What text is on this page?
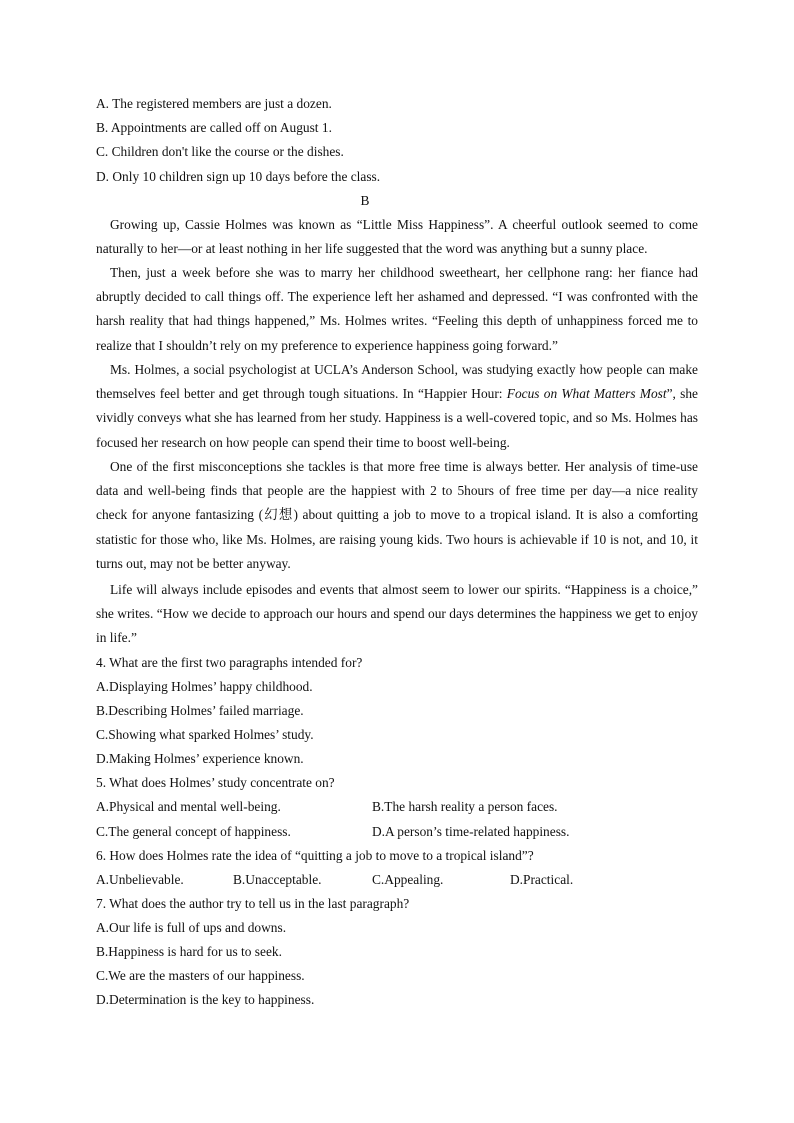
A. The registered members are just a dozen.
B. Appointments are called off on August 1.
C. Children don't like the course or the dishes.
D. Only 10 children sign up 10 days before the class.
B

Growing up, Cassie Holmes was known as “Little Miss Happiness”. A cheerful outlook seemed to come naturally to her—or at least nothing in her life suggested that the word was anything but a sunny place.

Then, just a week before she was to marry her childhood sweetheart, her cellphone rang: her fiance had abruptly decided to call things off. The experience left her ashamed and depressed. “I was confronted with the harsh reality that had things happened,” Ms. Holmes writes. “Feeling this depth of unhappiness forced me to realize that I shouldn’t rely on my preference to experience happiness going forward.”

Ms. Holmes, a social psychologist at UCLA’s Anderson School, was studying exactly how people can make themselves feel better and get through tough situations. In “Happier Hour: Focus on What Matters Most”, she vividly conveys what she has learned from her study. Happiness is a well-covered topic, and so Ms. Holmes has focused her research on how people can spend their time to boost well-being.

One of the first misconceptions she tackles is that more free time is always better. Her analysis of time-use data and well-being finds that people are the happiest with 2 to 5hours of free time per day—a nice reality check for anyone fantasizing (幻想) about quitting a job to move to a tropical island. It is also a comforting statistic for those who, like Ms. Holmes, are raising young kids. Two hours is achievable if 10 is not, and 10, it turns out, may not be better anyway.

Life will always include episodes and events that almost seem to lower our spirits. “Happiness is a choice,” she writes. “How we decide to approach our hours and spend our days determines the happiness we get to enjoy in life.”

4. What are the first two paragraphs intended for?
A.Displaying Holmes’ happy childhood.
B.Describing Holmes’ failed marriage.
C.Showing what sparked Holmes’ study.
D.Making Holmes’ experience known.
5. What does Holmes’ study concentrate on?
A.Physical and mental well-being.	B.The harsh reality a person faces.
C.The general concept of happiness.	D.A person’s time-related happiness.
6. How does Holmes rate the idea of “quitting a job to move to a tropical island”?
A.Unbelievable.	B.Unacceptable.	C.Appealing.	D.Practical.
7. What does the author try to tell us in the last paragraph?
A.Our life is full of ups and downs.
B.Happiness is hard for us to seek.
C.We are the masters of our happiness.
D.Determination is the key to happiness.
